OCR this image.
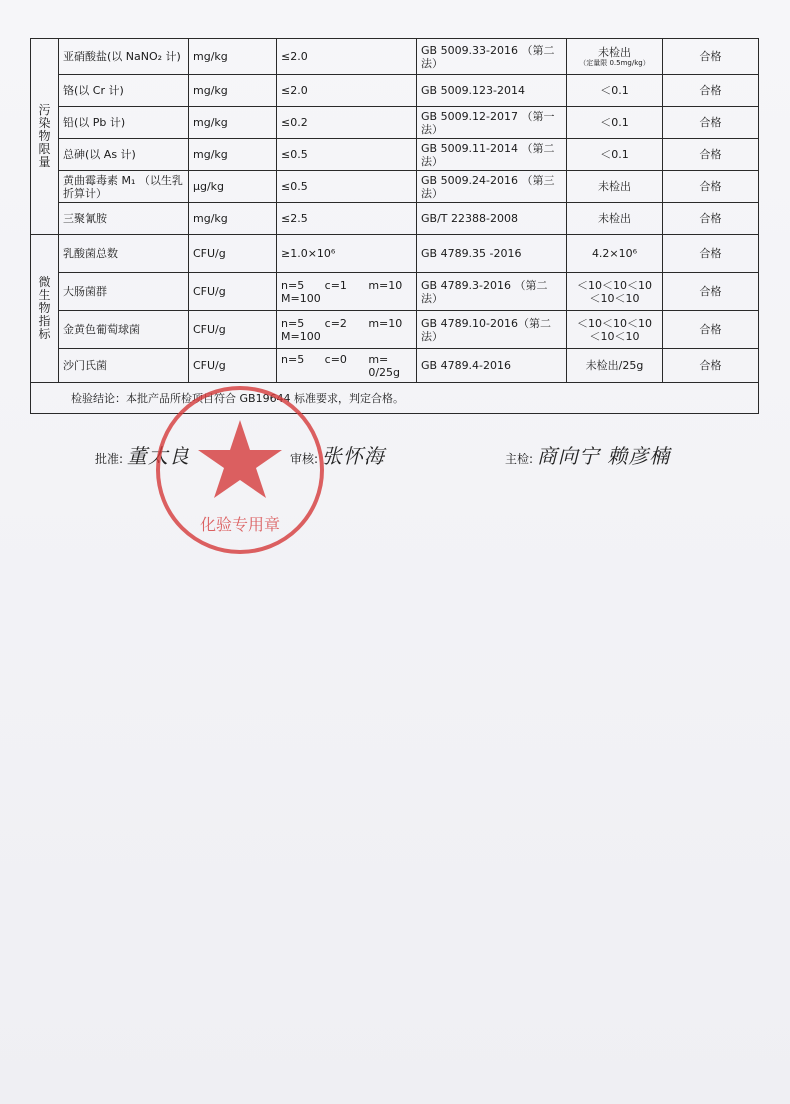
污
染
物
限
量	亚硝酸盐(以 NaNO₂ 计)	mg/kg	≤2.0	GB 5009.33-2016 （第二法）	未检出
（定量限 0.5mg/kg）	合格
	铬(以 Cr 计)	mg/kg	≤2.0	GB 5009.123-2014	＜0.1	合格
	铅(以 Pb 计)	mg/kg	≤0.2	GB 5009.12-2017 （第一法）	＜0.1	合格
	总砷(以 As 计)	mg/kg	≤0.5	GB 5009.11-2014 （第二法）	＜0.1	合格
	黄曲霉毒素 M₁ （以生乳折算计）	μg/kg	≤0.5	GB 5009.24-2016 （第三法）	未检出	合格
	三聚氰胺	mg/kg	≤2.5	GB/T 22388-2008	未检出	合格

微
生
物
指
标	乳酸菌总数	CFU/g	≥1.0×10⁶	GB 4789.35 -2016	4.2×10⁶	合格
	大肠菌群	CFU/g	n=5 c=1 m=10
M=100	GB 4789.3-2016 （第二法）	＜10＜10＜10
＜10＜10	合格
	金黄色葡萄球菌	CFU/g	n=5 c=2 m=10
M=100	GB 4789.10-2016（第二法）	＜10＜10＜10
＜10＜10	合格
	沙门氏菌	CFU/g	n=5 c=0 m= 0/25g	GB 4789.4-2016	未检出/25g	合格
检验结论：本批产品所检项目符合 GB19644 标准要求，判定合格。						
批准: 董太良	审核: 张怀海	主检: 商向宁 赖彦楠
化验专用章
